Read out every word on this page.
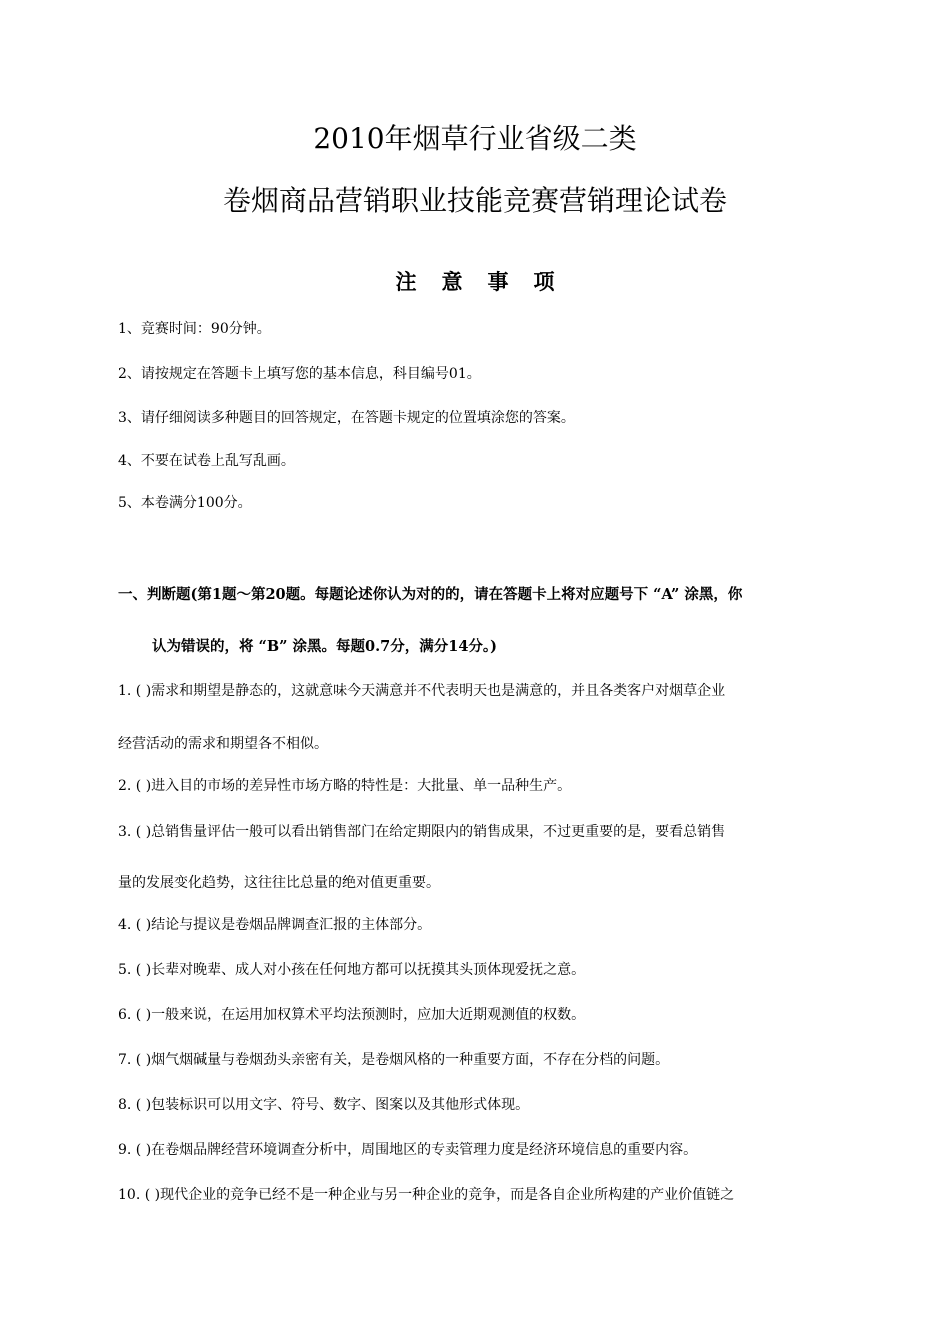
2010年烟草行业省级二类
卷烟商品营销职业技能竞赛营销理论试卷
注意事项
1、竞赛时间：90分钟。
2、请按规定在答题卡上填写您的基本信息，科目编号01。
3、请仔细阅读多种题目的回答规定，在答题卡规定的位置填涂您的答案。
4、不要在试卷上乱写乱画。
5、本卷满分100分。
一、判断题(第1题～第20题。每题论述你认为对的的，请在答题卡上将对应题号下 “A” 涂黑，你
认为错误的，将 “B” 涂黑。每题0.7分，满分14分。)
1. ( )需求和期望是静态的，这就意味今天满意并不代表明天也是满意的，并且各类客户对烟草企业
经营活动的需求和期望各不相似。
2. ( )进入目的市场的差异性市场方略的特性是：大批量、单一品种生产。
3. ( )总销售量评估一般可以看出销售部门在给定期限内的销售成果，不过更重要的是，要看总销售
量的发展变化趋势，这往往比总量的绝对值更重要。
4. ( )结论与提议是卷烟品牌调查汇报的主体部分。
5. ( )长辈对晚辈、成人对小孩在任何地方都可以抚摸其头顶体现爱抚之意。
6. ( )一般来说，在运用加权算术平均法预测时，应加大近期观测值的权数。
7. ( )烟气烟碱量与卷烟劲头亲密有关，是卷烟风格的一种重要方面，不存在分档的问题。
8. ( )包装标识可以用文字、符号、数字、图案以及其他形式体现。
9. ( )在卷烟品牌经营环境调查分析中，周围地区的专卖管理力度是经济环境信息的重要内容。
10. ( )现代企业的竞争已经不是一种企业与另一种企业的竞争，而是各自企业所构建的产业价值链之
